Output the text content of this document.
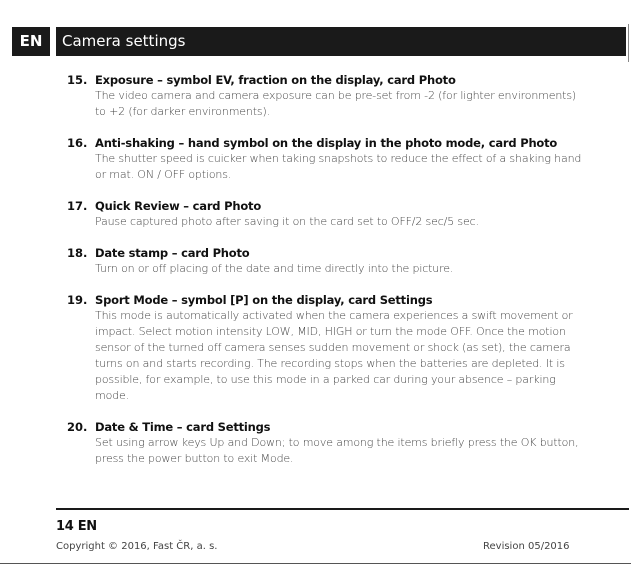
EN	Camera settings
15. Exposure – symbol EV, fraction on the display, card Photo
The video camera and camera exposure can be pre-set from -2 (for lighter environments) to +2 (for darker environments).
16. Anti-shaking – hand symbol on the display in the photo mode, card Photo
The shutter speed is cuicker when taking snapshots to reduce the effect of a shaking hand or mat. ON / OFF options.
17. Quick Review – card Photo
Pause captured photo after saving it on the card set to OFF/2 sec/5 sec.
18. Date stamp – card Photo
Turn on or off placing of the date and time directly into the picture.
19. Sport Mode – symbol [P] on the display, card Settings
This mode is automatically activated when the camera experiences a swift movement or impact. Select motion intensity LOW, MID, HIGH or turn the mode OFF. Once the motion sensor of the turned off camera senses sudden movement or shock (as set), the camera turns on and starts recording. The recording stops when the batteries are depleted. It is possible, for example, to use this mode in a parked car during your absence – parking mode.
20. Date & Time – card Settings
Set using arrow keys Up and Down; to move among the items briefly press the OK button, press the power button to exit Mode.
14 EN
Copyright © 2016, Fast ČR, a. s.	Revision 05/2016
